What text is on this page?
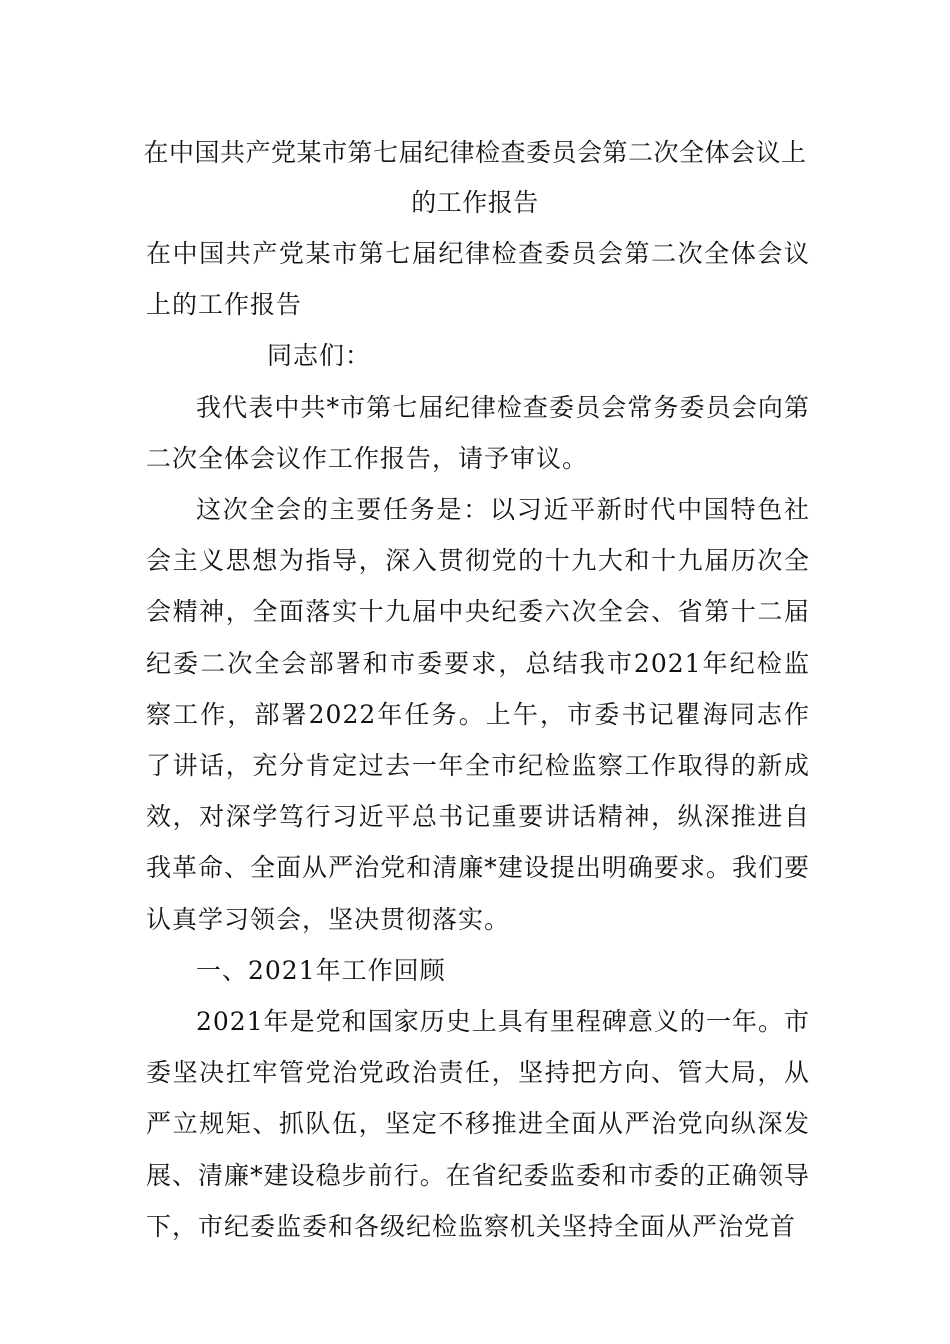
在中国共产党某市第七届纪律检查委员会第二次全体会议上的工作报告

在中国共产党某市第七届纪律检查委员会第二次全体会议上的工作报告

同志们：

我代表中共*市第七届纪律检查委员会常务委员会向第二次全体会议作工作报告，请予审议。

这次全会的主要任务是：以习近平新时代中国特色社会主义思想为指导，深入贯彻党的十九大和十九届历次全会精神，全面落实十九届中央纪委六次全会、省第十二届纪委二次全会部署和市委要求，总结我市2021年纪检监察工作，部署2022年任务。上午，市委书记瞿海同志作了讲话，充分肯定过去一年全市纪检监察工作取得的新成效，对深学笃行习近平总书记重要讲话精神，纵深推进自我革命、全面从严治党和清廉*建设提出明确要求。我们要认真学习领会，坚决贯彻落实。

一、2021年工作回顾

2021年是党和国家历史上具有里程碑意义的一年。市委坚决扛牢管党治党政治责任，坚持把方向、管大局，从严立规矩、抓队伍，坚定不移推进全面从严治党向纵深发展、清廉*建设稳步前行。在省纪委监委和市委的正确领导下，市纪委监委和各级纪检监察机关坚持全面从严治党首
